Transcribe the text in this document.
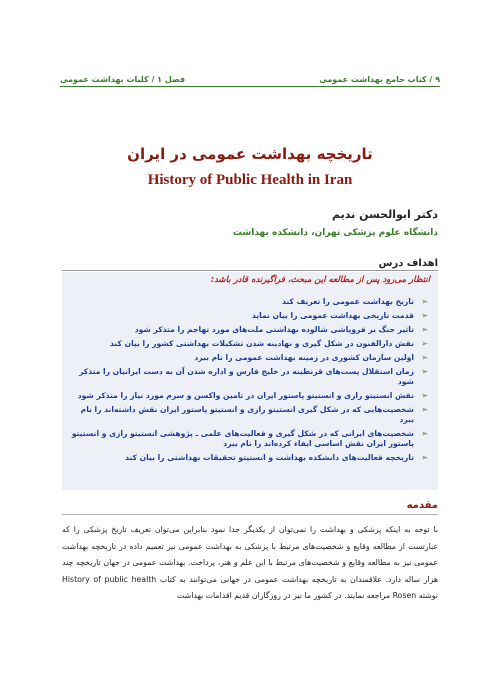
فصل ۱ / کلیات بهداشت عمومی	۹ / کتاب جامع بهداشت عمومی
تاریخچه بهداشت عمومی در ایران
History of Public Health in Iran
دکتر ابوالحسن ندیم
دانشگاه علوم پزشکی تهران، دانشکده بهداشت
اهداف درس
انتظار می‌رود پس از مطالعه این مبحث، فراگیرنده قادر باشد:
➢
تاریخ بهداشت عمومی را تعریف کند
➢
قدمت تاریخی بهداشت عمومی را بیان نماید
➢
تاثیر جنگ بر فروپاشی شالوده بهداشتی ملت‌های مورد تهاجم را متذکر شود
➢
نقش دارالفنون در شکل گیری و نهادینه شدن تشکیلات بهداشتی کشور را بیان کند
➢
اولین سازمان کشوری در زمینه بهداشت عمومی را نام ببرد
➢
زمان استقلال پست‌های قرنطینه در خلیج فارس و اداره شدن آن به دست ایرانیان را متذکر شود
➢
نقش انستیتو رازی و انستیتو پاستور ایران در تامین واکسن و سرم مورد نیاز را متذکر شود
➢
شخصیت‌هایی که در شکل گیری انستیتو رازی و انستیتو پاستور ایران نقش داشته‌اند را نام ببرد
➢
شخصیت‌های ایرانی که در شکل گیری و فعالیت‌های علمی ـ پژوهشی انستیتو رازی و انستیتو پاستور ایران نقش اساسی ایفاء کرده‌اند را نام ببرد
➢
تاریخچه فعالیت‌های دانشکده بهداشت و انستیتو تحقیقات بهداشتی را بیان کند
مقدمه

با توجه به اینکه پزشکی و بهداشت را نمی‌توان از یکدیگر جدا نمود بنابراین می‌توان تعریف تاریخ پزشکی را که عبارتست از مطالعه وقایع و شخصیت‌های مرتبط با پزشکی به بهداشت عمومی نیز تعمیم داده در تاریخچه بهداشت عمومی نیز به مطالعه وقایع و شخصیت‌های مرتبط با این علم و هنر، پرداخت. بهداشت عمومی در جهان تاریخچه چند هزار ساله دارد. علاقمندان به تاریخچه بهداشت عمومی در جهانی می‌توانند به کتاب History of public health نوشته Rosen مراجعه نمایند. در کشور ما نیز در روزگاران قدیم اقدامات بهداشت
